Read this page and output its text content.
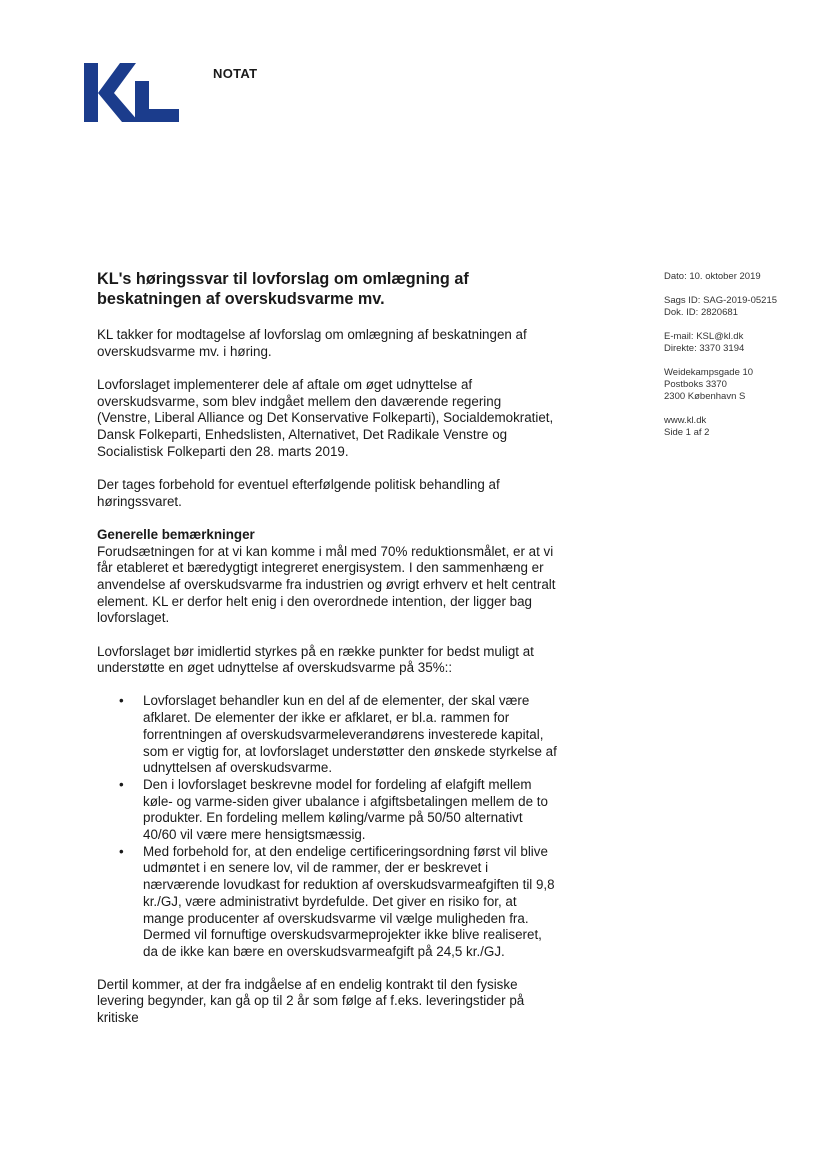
NOTAT
Dato: 10. oktober 2019
Sags ID: SAG-2019-05215
Dok. ID: 2820681
E-mail: KSL@kl.dk
Direkte: 3370 3194
Weidekampsgade 10
Postboks 3370
2300 København S
www.kl.dk
Side 1 af 2
KL's høringssvar til lovforslag om omlægning af beskatningen af overskudsvarme mv.

KL takker for modtagelse af lovforslag om omlægning af beskatningen af overskudsvarme mv. i høring.

Lovforslaget implementerer dele af aftale om øget udnyttelse af overskudsvarme, som blev indgået mellem den daværende regering (Venstre, Liberal Alliance og Det Konservative Folkeparti), Socialdemokratiet, Dansk Folkeparti, Enhedslisten, Alternativet, Det Radikale Venstre og Socialistisk Folkeparti den 28. marts 2019.

Der tages forbehold for eventuel efterfølgende politisk behandling af høringssvaret.

Generelle bemærkninger

Forudsætningen for at vi kan komme i mål med 70% reduktionsmålet, er at vi får etableret et bæredygtigt integreret energisystem. I den sammenhæng er anvendelse af overskudsvarme fra industrien og øvrigt erhverv et helt centralt element. KL er derfor helt enig i den overordnede intention, der ligger bag lovforslaget.

Lovforslaget bør imidlertid styrkes på en række punkter for bedst muligt at understøtte en øget udnyttelse af overskudsvarme på 35%::

• Lovforslaget behandler kun en del af de elementer, der skal være afklaret. De elementer der ikke er afklaret, er bl.a. rammen for forrentningen af overskudsvarmeleverandørens investerede kapital, som er vigtig for, at lovforslaget understøtter den ønskede styrkelse af udnyttelsen af overskudsvarme.
• Den i lovforslaget beskrevne model for fordeling af elafgift mellem køle- og varme-siden giver ubalance i afgiftsbetalingen mellem de to produkter. En fordeling mellem køling/varme på 50/50 alternativt 40/60 vil være mere hensigtsmæssig.
• Med forbehold for, at den endelige certificeringsordning først vil blive udmøntet i en senere lov, vil de rammer, der er beskrevet i nærværende lovudkast for reduktion af overskudsvarmeafgiften til 9,8 kr./GJ, være administrativt byrdefulde. Det giver en risiko for, at mange producenter af overskudsvarme vil vælge muligheden fra. Dermed vil fornuftige overskudsvarmeprojekter ikke blive realiseret, da de ikke kan bære en overskudsvarmeafgift på 24,5 kr./GJ.

Dertil kommer, at der fra indgåelse af en endelig kontrakt til den fysiske levering begynder, kan gå op til 2 år som følge af f.eks. leveringstider på kritiske
